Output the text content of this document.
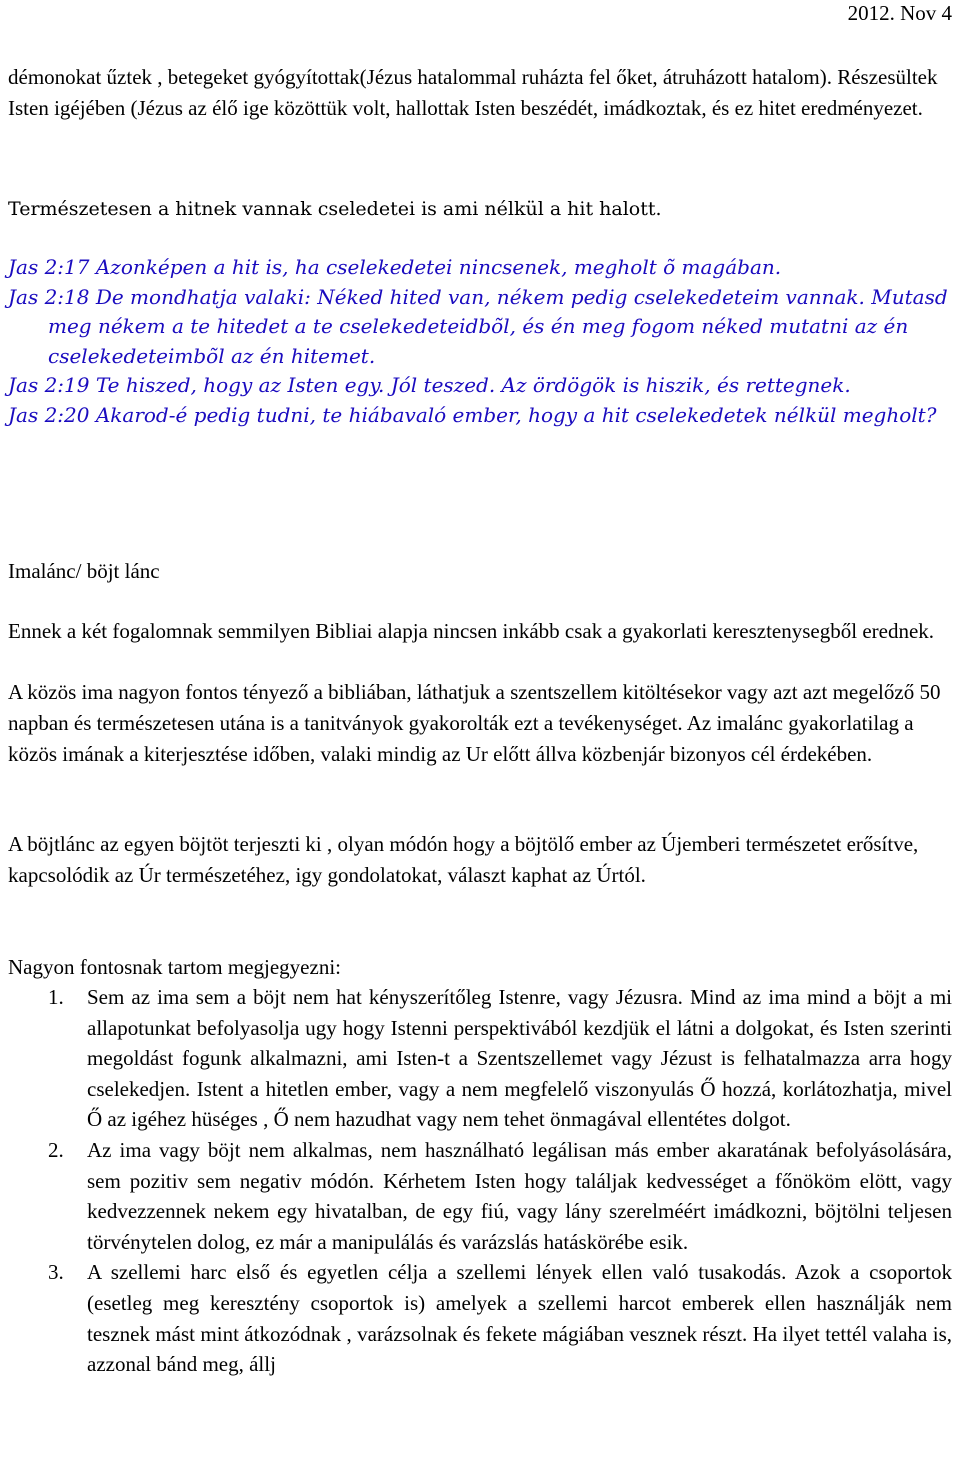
2012. Nov 4

démonokat űztek , betegeket gyógyítottak(Jézus hatalommal ruházta fel őket, átruházott hatalom). Részesültek Isten igéjében (Jézus az élő ige közöttük volt, hallottak Isten beszédét, imádkoztak, és ez hitet eredményezet.

Természetesen a hitnek vannak cseledetei is ami nélkül a hit halott.

Jas 2:17 Azonképen a hit is, ha cselekedetei nincsenek, megholt õ magában.

Jas 2:18 De mondhatja valaki: Néked hited van, nékem pedig cselekedeteim vannak. Mutasd meg nékem a te hitedet a te cselekedeteidbõl, és én meg fogom néked mutatni az én cselekedeteimbõl az én hitemet.

Jas 2:19 Te hiszed, hogy az Isten egy. Jól teszed. Az ördögök is hiszik, és rettegnek.

Jas 2:20 Akarod-é pedig tudni, te hiábavaló ember, hogy a hit cselekedetek nélkül megholt?

Imalánc/ böjt lánc

Ennek a két fogalomnak semmilyen Bibliai alapja nincsen inkább csak a gyakorlati keresztenysegből erednek.

A közös ima nagyon fontos tényező a bibliában, láthatjuk a szentszellem kitöltésekor vagy azt azt megelőző 50 napban és természetesen utána is a tanitványok gyakorolták ezt a tevékenységet. Az imalánc gyakorlatilag a közös imának a kiterjesztése időben, valaki mindig az Ur előtt állva közbenjár bizonyos cél érdekében.

A böjtlánc az egyen böjtöt terjeszti ki , olyan módón hogy a böjtölő ember az Újemberi természetet erősítve, kapcsolódik az Úr természetéhez, igy gondolatokat, választ kaphat az Úrtól.

Nagyon fontosnak tartom megjegyezni:

1. Sem az ima sem a böjt nem hat kényszerítőleg Istenre, vagy Jézusra. Mind az ima mind a böjt a mi allapotunkat befolyasolja ugy hogy Istenni perspektivából kezdjük el látni a dolgokat, és Isten szerinti megoldást fogunk alkalmazni, ami Isten-t a Szentszellemet vagy Jézust is felhatalmazza arra hogy cselekedjen. Istent a hitetlen ember, vagy a nem megfelelő viszonyulás Ő hozzá, korlátozhatja, mivel Ő az igéhez hüséges , Ő nem hazudhat vagy nem tehet önmagával ellentétes dolgot.
2. Az ima vagy böjt nem alkalmas, nem használható legálisan más ember akaratának befolyásolására, sem pozitiv sem negativ módón. Kérhetem Isten hogy találjak kedvességet a főnököm elött, vagy kedvezzennek nekem egy hivatalban, de egy fiú, vagy lány szerelméért imádkozni, böjtölni teljesen törvénytelen dolog, ez már a manipulálás és varázslás hatáskörébe esik.
3. A szellemi harc első és egyetlen célja a szellemi lények ellen való tusakodás. Azok a csoportok (esetleg meg keresztény csoportok is) amelyek a szellemi harcot emberek ellen használják nem tesznek mást mint átkozódnak , varázsolnak és fekete mágiában vesznek részt. Ha ilyet tettél valaha is, azzonal bánd meg, állj
